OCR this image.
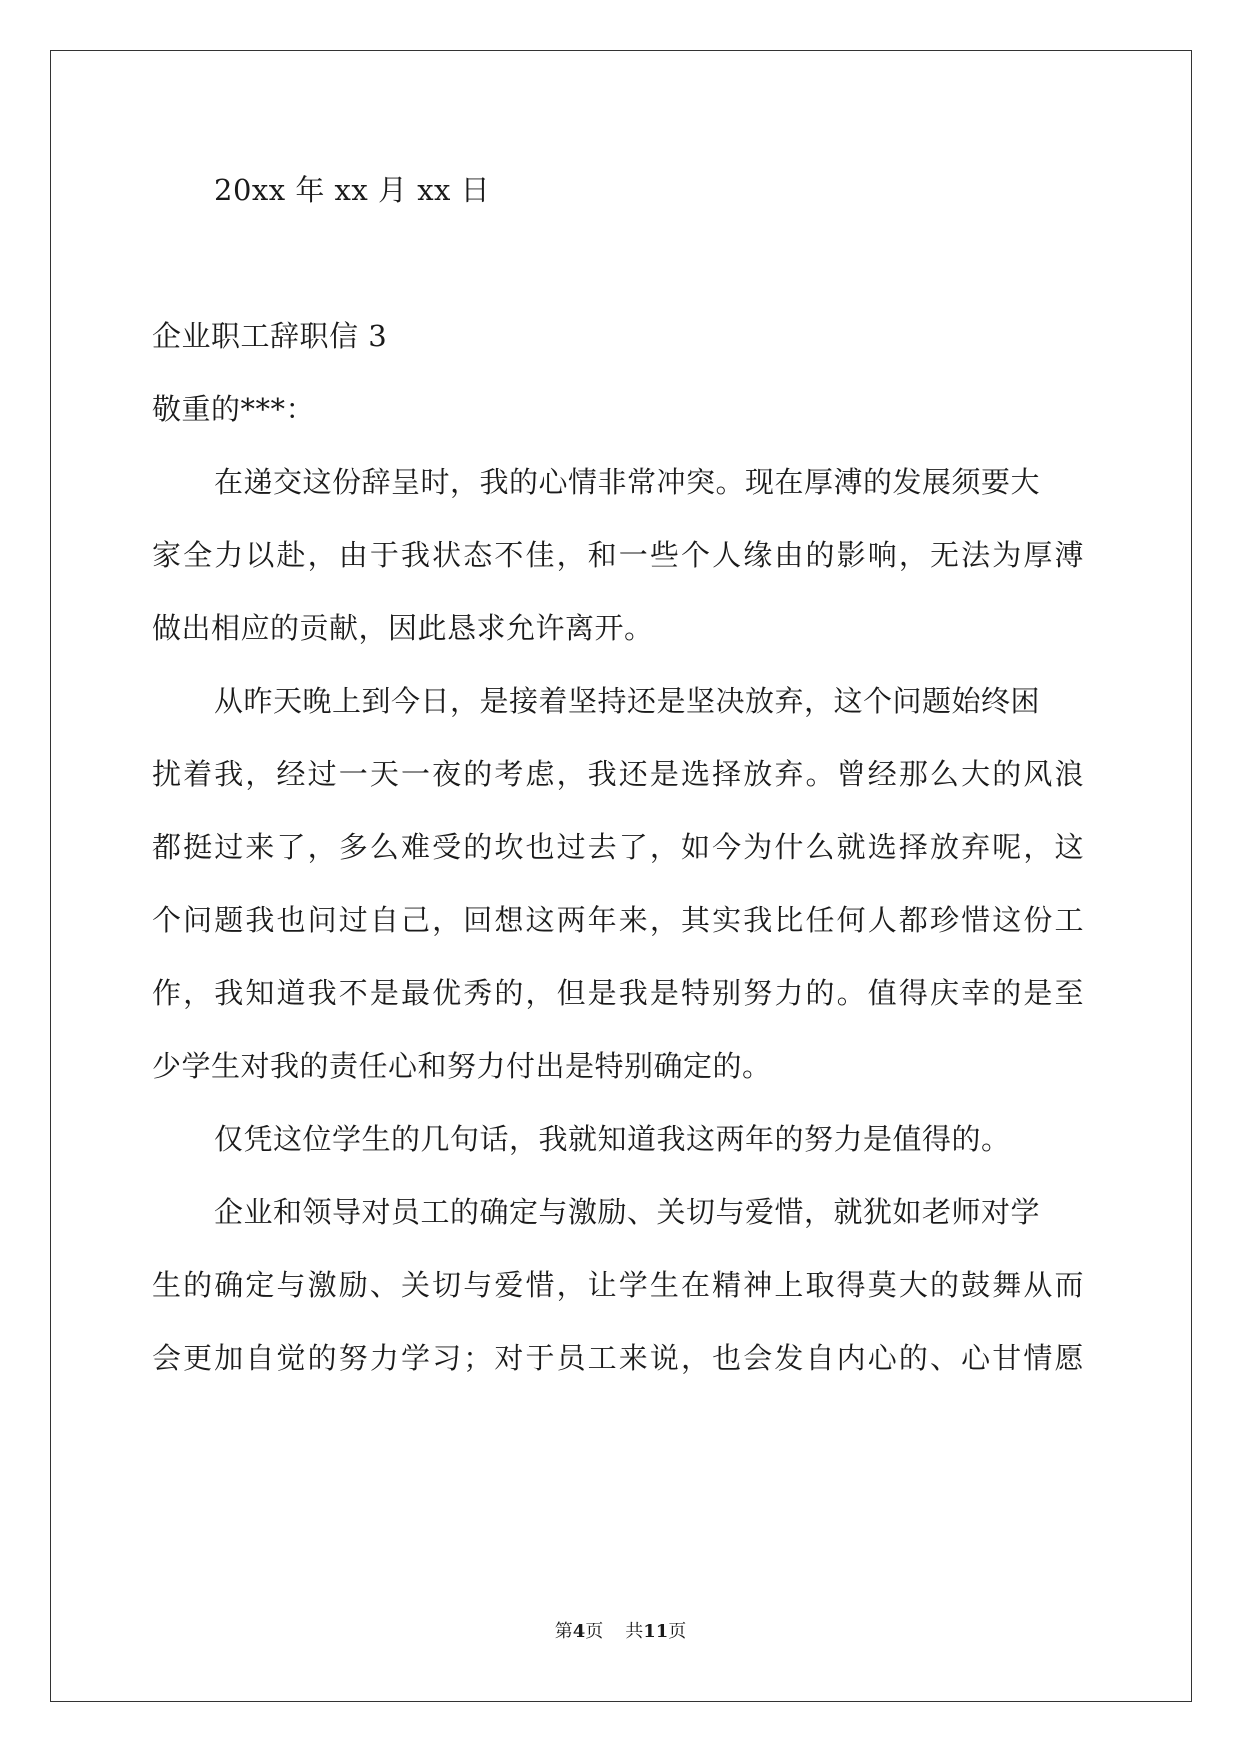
20xx 年 xx 月 xx 日
企业职工辞职信 3
敬重的***：
在递交这份辞呈时，我的心情非常冲突。现在厚溥的发展须要大
家全力以赴，由于我状态不佳，和一些个人缘由的影响，无法为厚溥
做出相应的贡献，因此恳求允许离开。
从昨天晚上到今日，是接着坚持还是坚决放弃，这个问题始终困
扰着我，经过一天一夜的考虑，我还是选择放弃。曾经那么大的风浪
都挺过来了，多么难受的坎也过去了，如今为什么就选择放弃呢，这
个问题我也问过自己，回想这两年来，其实我比任何人都珍惜这份工
作，我知道我不是最优秀的，但是我是特别努力的。值得庆幸的是至
少学生对我的责任心和努力付出是特别确定的。
仅凭这位学生的几句话，我就知道我这两年的努力是值得的。
企业和领导对员工的确定与激励、关切与爱惜，就犹如老师对学
生的确定与激励、关切与爱惜，让学生在精神上取得莫大的鼓舞从而
会更加自觉的努力学习；对于员工来说，也会发自内心的、心甘情愿
第4页 共11页
